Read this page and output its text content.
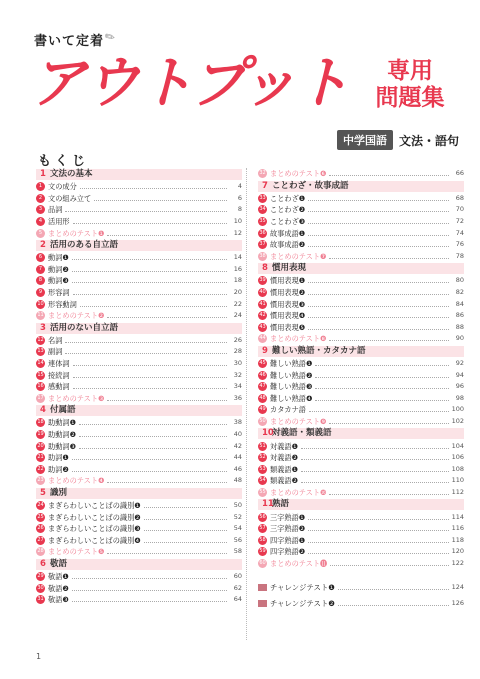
書いて定着
✎
アウトプット	専用
問題集
中学国語	文法・語句
もくじ
1 文法の基本
1 文の成分	4
2 文の組み立て	6
3 品詞	8
4 活用形	10
5 まとめのテスト❶	12
2 活用のある自立語
6 動詞❶	14
7 動詞❷	16
8 動詞❸	18
9 形容詞	20
10 形容動詞	22
11 まとめのテスト❷	24
3 活用のない自立語
12 名詞	26
13 副詞	28
14 連体詞	30
15 接続詞	32
16 感動詞	34
17 まとめのテスト❸	36
4 付属語
18 助動詞❶	38
19 助動詞❷	40
20 助動詞❸	42
21 助詞❶	44
22 助詞❷	46
23 まとめのテスト❹	48
5 識別
24 まぎらわしいことばの識別❶	50
25 まぎらわしいことばの識別❷	52
26 まぎらわしいことばの識別❸	54
27 まぎらわしいことばの識別❹	56
28 まとめのテスト❺	58
6 敬語
29 敬語❶	60
30 敬語❷	62
31 敬語❸	64
32 まとめのテスト❻	66
7 ことわざ・故事成語
33 ことわざ❶	68
34 ことわざ❷	70
35 ことわざ❸	72
36 故事成語❶	74
37 故事成語❷	76
38 まとめのテスト❼	78
8 慣用表現
39 慣用表現❶	80
40 慣用表現❷	82
41 慣用表現❸	84
42 慣用表現❹	86
43 慣用表現❺	88
44 まとめのテスト❽	90
9 難しい熟語・カタカナ語
45 難しい熟語❶	92
46 難しい熟語❷	94
47 難しい熟語❸	96
48 難しい熟語❹	98
49 カタカナ語	100
50 まとめのテスト❾	102
10対義語・類義語
51 対義語❶	104
52 対義語❷	106
53 類義語❶	108
54 類義語❷	110
55 まとめのテスト❿	112
11熟語
56 三字熟語❶	114
57 三字熟語❷	116
58 四字熟語❶	118
59 四字熟語❷	120
60 まとめのテスト⓫	122
チャレンジテスト❶	124
チャレンジテスト❷	126
1
